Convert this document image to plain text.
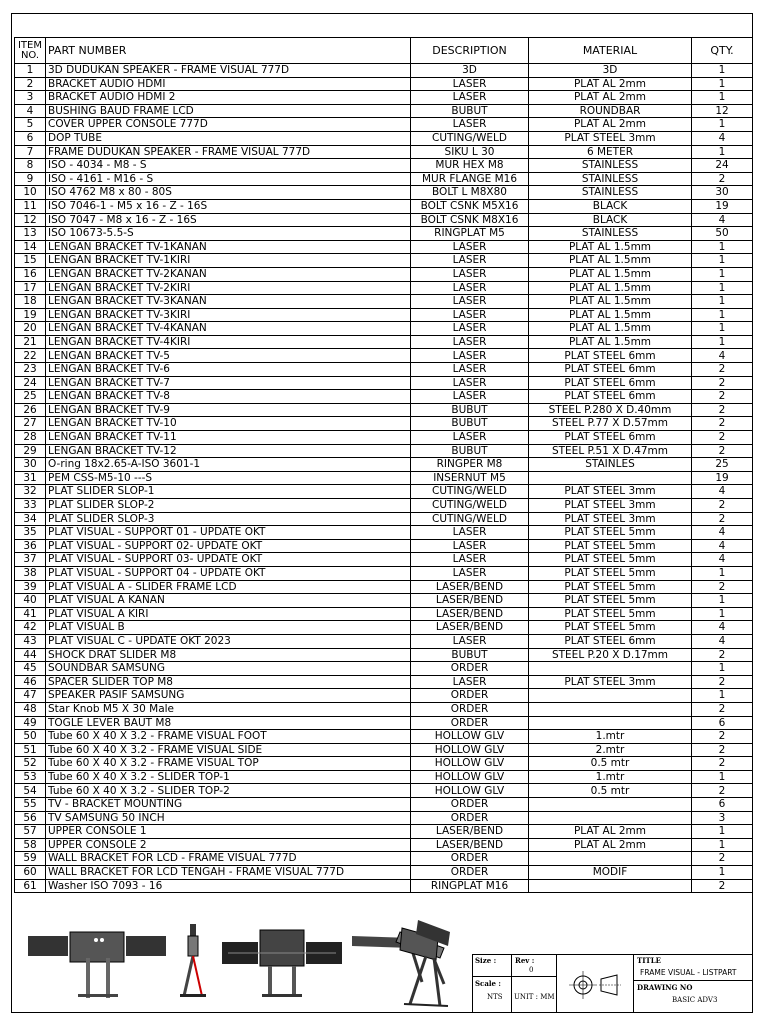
ITEM NO.	PART NUMBER	DESCRIPTION	MATERIAL	QTY.
1	3D DUDUKAN SPEAKER - FRAME VISUAL 777D	3D	3D	1
2	BRACKET AUDIO HDMI	LASER	PLAT AL 2mm	1
3	BRACKET AUDIO HDMI 2	LASER	PLAT AL 2mm	1
4	BUSHING BAUD FRAME LCD	BUBUT	ROUNDBAR	12
5	COVER UPPER CONSOLE 777D	LASER	PLAT AL 2mm	1
6	DOP TUBE	CUTING/WELD	PLAT STEEL 3mm	4
7	FRAME DUDUKAN SPEAKER - FRAME VISUAL 777D	SIKU L 30	6 METER	1
8	ISO - 4034 - M8 - S	MUR HEX M8	STAINLESS	24
9	ISO - 4161 - M16 - S	MUR FLANGE M16	STAINLESS	2
10	ISO 4762 M8 x 80 - 80S	BOLT L M8X80	STAINLESS	30
11	ISO 7046-1 - M5 x 16 - Z - 16S	BOLT CSNK M5X16	BLACK	19
12	ISO 7047 - M8 x 16 - Z - 16S	BOLT CSNK M8X16	BLACK	4
13	ISO 10673-5.5-S	RINGPLAT M5	STAINLESS	50
14	LENGAN BRACKET TV-1KANAN	LASER	PLAT AL 1.5mm	1
15	LENGAN BRACKET TV-1KIRI	LASER	PLAT AL 1.5mm	1
16	LENGAN BRACKET TV-2KANAN	LASER	PLAT AL 1.5mm	1
17	LENGAN BRACKET TV-2KIRI	LASER	PLAT AL 1.5mm	1
18	LENGAN BRACKET TV-3KANAN	LASER	PLAT AL 1.5mm	1
19	LENGAN BRACKET TV-3KIRI	LASER	PLAT AL 1.5mm	1
20	LENGAN BRACKET TV-4KANAN	LASER	PLAT AL 1.5mm	1
21	LENGAN BRACKET TV-4KIRI	LASER	PLAT AL 1.5mm	1
22	LENGAN BRACKET TV-5	LASER	PLAT STEEL 6mm	4
23	LENGAN BRACKET TV-6	LASER	PLAT STEEL 6mm	2
24	LENGAN BRACKET TV-7	LASER	PLAT STEEL 6mm	2
25	LENGAN BRACKET TV-8	LASER	PLAT STEEL 6mm	2
26	LENGAN BRACKET TV-9	BUBUT	STEEL P.280 X D.40mm	2
27	LENGAN BRACKET TV-10	BUBUT	STEEL P.77 X D.57mm	2
28	LENGAN BRACKET TV-11	LASER	PLAT STEEL 6mm	2
29	LENGAN BRACKET TV-12	BUBUT	STEEL P.51 X D.47mm	2
30	O-ring 18x2.65-A-ISO 3601-1	RINGPER M8	STAINLES	25
31	PEM CSS-M5-10 ---S	INSERNUT M5		19
32	PLAT SLIDER SLOP-1	CUTING/WELD	PLAT STEEL 3mm	4
33	PLAT SLIDER SLOP-2	CUTING/WELD	PLAT STEEL 3mm	2
34	PLAT SLIDER SLOP-3	CUTING/WELD	PLAT STEEL 3mm	2
35	PLAT VISUAL - SUPPORT 01 - UPDATE OKT	LASER	PLAT STEEL 5mm	4
36	PLAT VISUAL - SUPPORT 02- UPDATE OKT	LASER	PLAT STEEL 5mm	4
37	PLAT VISUAL - SUPPORT 03- UPDATE OKT	LASER	PLAT STEEL 5mm	4
38	PLAT VISUAL - SUPPORT 04 - UPDATE OKT	LASER	PLAT STEEL 5mm	1
39	PLAT VISUAL A - SLIDER FRAME LCD	LASER/BEND	PLAT STEEL 5mm	2
40	PLAT VISUAL A KANAN	LASER/BEND	PLAT STEEL 5mm	1
41	PLAT VISUAL A KIRI	LASER/BEND	PLAT STEEL 5mm	1
42	PLAT VISUAL B	LASER/BEND	PLAT STEEL 5mm	4
43	PLAT VISUAL C - UPDATE OKT 2023	LASER	PLAT STEEL 6mm	4
44	SHOCK DRAT SLIDER M8	BUBUT	STEEL P.20 X D.17mm	2
45	SOUNDBAR SAMSUNG	ORDER		1
46	SPACER SLIDER TOP M8	LASER	PLAT STEEL 3mm	2
47	SPEAKER PASIF SAMSUNG	ORDER		1
48	Star Knob M5 X 30 Male	ORDER		2
49	TOGLE LEVER BAUT M8	ORDER		6
50	Tube 60 X 40 X 3.2 - FRAME VISUAL FOOT	HOLLOW GLV	1.mtr	2
51	Tube 60 X 40 X 3.2 - FRAME VISUAL SIDE	HOLLOW GLV	2.mtr	2
52	Tube 60 X 40 X 3.2 - FRAME VISUAL TOP	HOLLOW GLV	0.5 mtr	2
53	Tube 60 X 40 X 3.2 - SLIDER TOP-1	HOLLOW GLV	1.mtr	1
54	Tube 60 X 40 X 3.2 - SLIDER TOP-2	HOLLOW GLV	0.5 mtr	2
55	TV - BRACKET MOUNTING	ORDER		6
56	TV SAMSUNG 50 INCH	ORDER		3
57	UPPER CONSOLE 1	LASER/BEND	PLAT AL 2mm	1
58	UPPER CONSOLE 2	LASER/BEND	PLAT AL 2mm	1
59	WALL BRACKET FOR LCD - FRAME VISUAL 777D	ORDER		2
60	WALL BRACKET FOR LCD TENGAH - FRAME VISUAL 777D	ORDER	MODIF	1
61	Washer ISO 7093 - 16	RINGPLAT M16		2
Size :	Rev :
0
Scale :
NTS UNIT : MM
TITLE
FRAME VISUAL - LISTPART
DRAWING NO
BASIC ADV3
